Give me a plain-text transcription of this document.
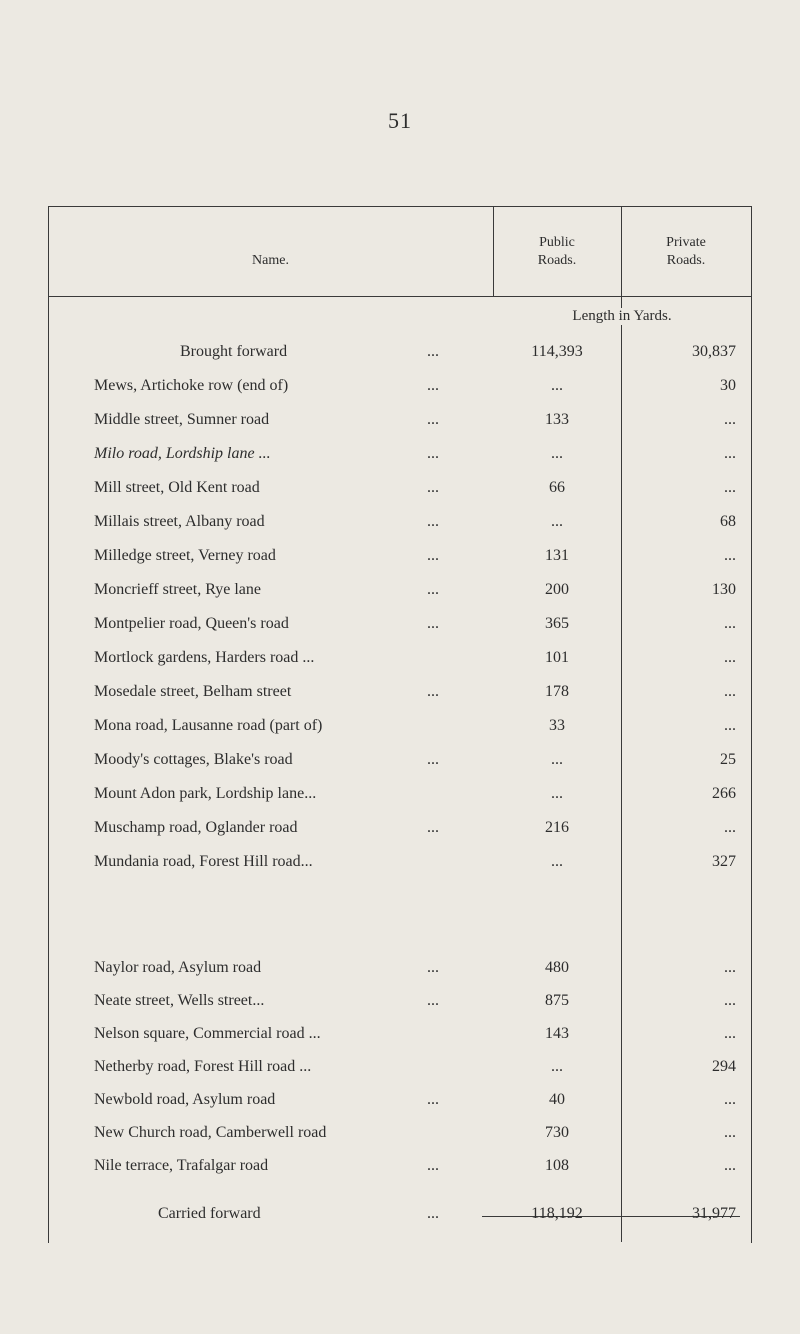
51
Name.
Public
Roads.
Private
Roads.
Length in Yards.
Brought forward	...	114,393	30,837
Mews, Artichoke row (end of)	...	...	30
Middle street, Sumner road	...	133	...
Milo road, Lordship lane ...	...	...	...
Mill street, Old Kent road	...	66	...
Millais street, Albany road	...	...	68
Milledge street, Verney road	...	131	...
Moncrieff street, Rye lane	...	200	130
Montpelier road, Queen's road	...	365	...
Mortlock gardens, Harders road ...	101	...
Mosedale street, Belham street	...	178	...
Mona road, Lausanne road (part of)	33	...
Moody's cottages, Blake's road	...	...	25
Mount Adon park, Lordship lane...	...	266
Muschamp road, Oglander road	...	216	...
Mundania road, Forest Hill road...	...	327
Naylor road, Asylum road	...	480	...
Neate street, Wells street...	...	875	...
Nelson square, Commercial road ...	143	...
Netherby road, Forest Hill road ...	...	294
Newbold road, Asylum road	...	40	...
New Church road, Camberwell road	730	...
Nile terrace, Trafalgar road	...	108	...
Carried forward	...	118,192	31,977
